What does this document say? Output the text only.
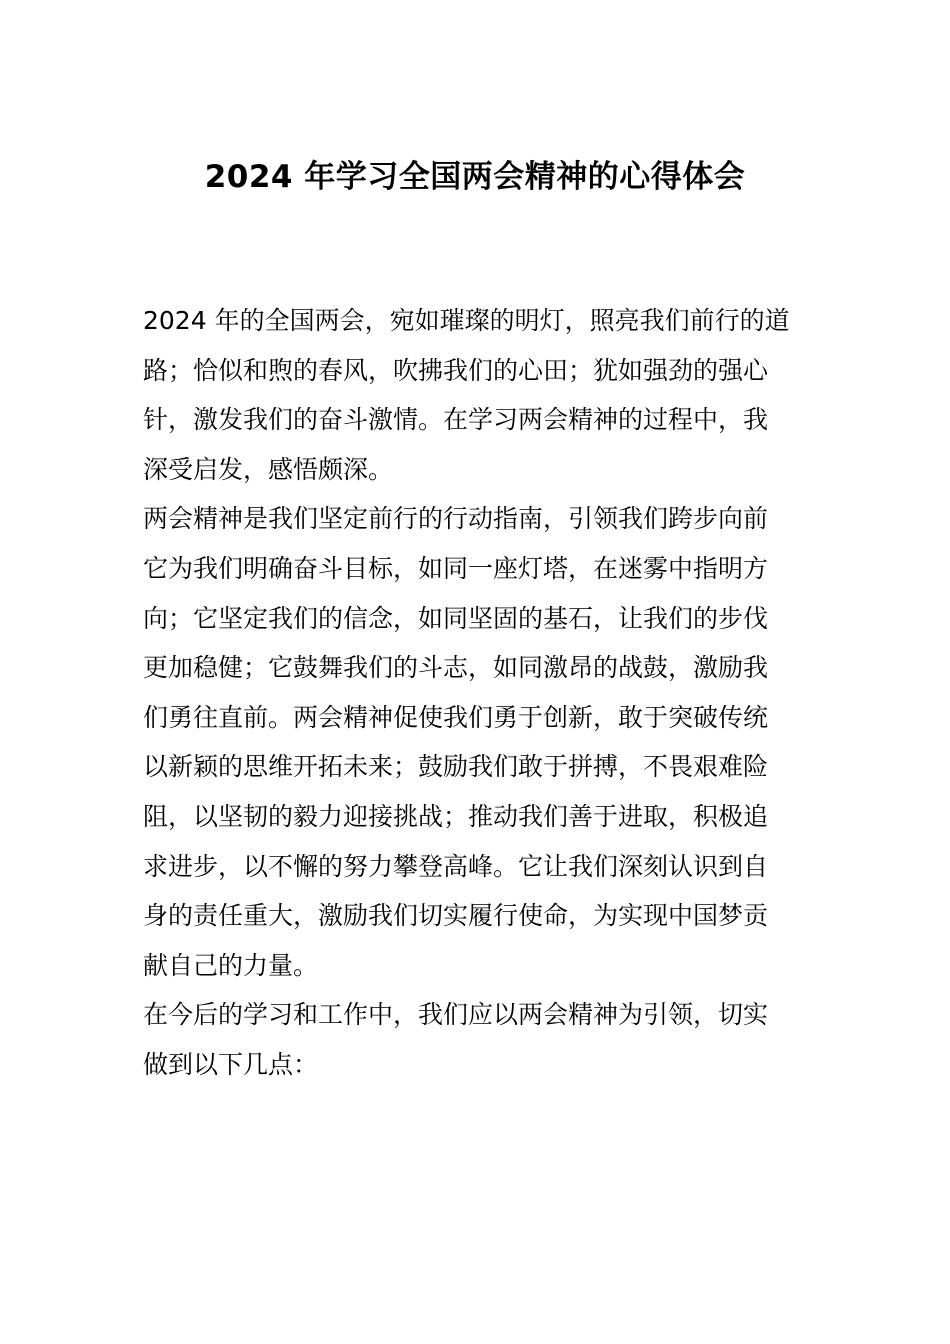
2024 年学习全国两会精神的心得体会

2024 年的全国两会，宛如璀璨的明灯，照亮我们前行的道

路；恰似和煦的春风，吹拂我们的心田；犹如强劲的强心

针，激发我们的奋斗激情。在学习两会精神的过程中，我

深受启发，感悟颇深。

两会精神是我们坚定前行的行动指南，引领我们跨步向前

它为我们明确奋斗目标，如同一座灯塔，在迷雾中指明方

向；它坚定我们的信念，如同坚固的基石，让我们的步伐

更加稳健；它鼓舞我们的斗志，如同激昂的战鼓，激励我

们勇往直前。两会精神促使我们勇于创新，敢于突破传统

以新颖的思维开拓未来；鼓励我们敢于拼搏，不畏艰难险

阻，以坚韧的毅力迎接挑战；推动我们善于进取，积极追

求进步，以不懈的努力攀登高峰。它让我们深刻认识到自

身的责任重大，激励我们切实履行使命，为实现中国梦贡

献自己的力量。

在今后的学习和工作中，我们应以两会精神为引领，切实

做到以下几点：
